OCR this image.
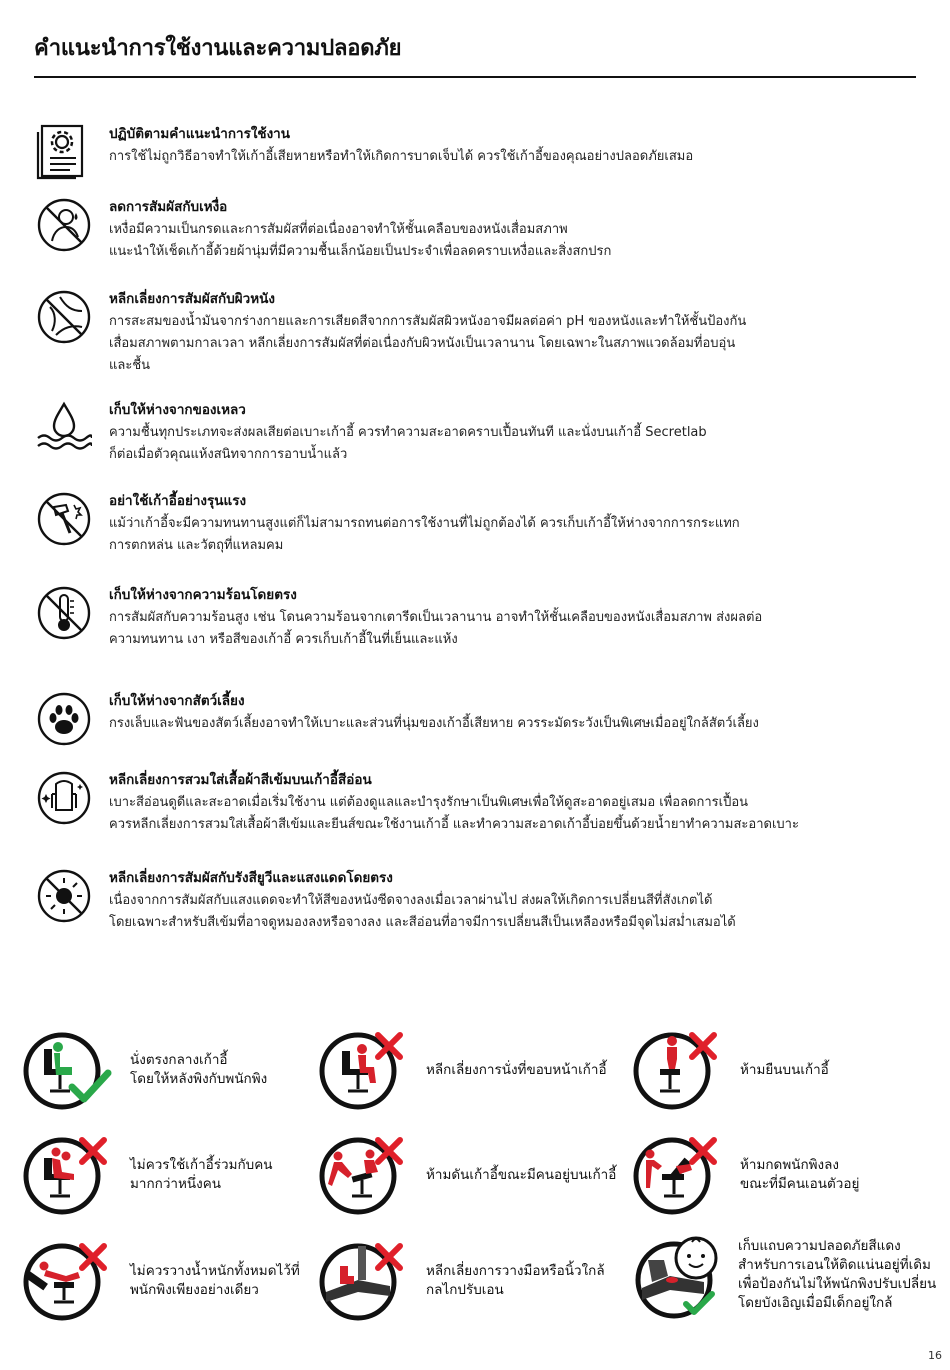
คำแนะนำการใช้งานและความปลอดภัย
ปฏิบัติตามคำแนะนำการใช้งาน

การใช้ไม่ถูกวิธีอาจทำให้เก้าอี้เสียหายหรือทำให้เกิดการบาดเจ็บได้ ควรใช้เก้าอี้ของคุณอย่างปลอดภัยเสมอ

ลดการสัมผัสกับเหงื่อ

เหงื่อมีความเป็นกรดและการสัมผัสที่ต่อเนื่องอาจทำให้ชั้นเคลือบของหนังเสื่อมสภาพ
แนะนำให้เช็ดเก้าอี้ด้วยผ้านุ่มที่มีความชื้นเล็กน้อยเป็นประจำเพื่อลดคราบเหงื่อและสิ่งสกปรก

หลีกเลี่ยงการสัมผัสกับผิวหนัง

การสะสมของน้ำมันจากร่างกายและการเสียดสีจากการสัมผัสผิวหนังอาจมีผลต่อค่า pH ของหนังและทำให้ชั้นป้องกัน
เสื่อมสภาพตามกาลเวลา หลีกเลี่ยงการสัมผัสที่ต่อเนื่องกับผิวหนังเป็นเวลานาน โดยเฉพาะในสภาพแวดล้อมที่อบอุ่น
และชื้น

เก็บให้ห่างจากของเหลว

ความชื้นทุกประเภทจะส่งผลเสียต่อเบาะเก้าอี้ ควรทำความสะอาดคราบเปื้อนทันที และนั่งบนเก้าอี้ Secretlab
ก็ต่อเมื่อตัวคุณแห้งสนิทจากการอาบน้ำแล้ว

อย่าใช้เก้าอี้อย่างรุนแรง

แม้ว่าเก้าอี้จะมีความทนทานสูงแต่ก็ไม่สามารถทนต่อการใช้งานที่ไม่ถูกต้องได้ ควรเก็บเก้าอี้ให้ห่างจากการกระแทก
การตกหล่น และวัตถุที่แหลมคม

เก็บให้ห่างจากความร้อนโดยตรง

การสัมผัสกับความร้อนสูง เช่น โดนความร้อนจากเตารีดเป็นเวลานาน อาจทำให้ชั้นเคลือบของหนังเสื่อมสภาพ ส่งผลต่อ
ความทนทาน เงา หรือสีของเก้าอี้ ควรเก็บเก้าอี้ในที่เย็นและแห้ง

เก็บให้ห่างจากสัตว์เลี้ยง

กรงเล็บและฟันของสัตว์เลี้ยงอาจทำให้เบาะและส่วนที่นุ่มของเก้าอี้เสียหาย ควรระมัดระวังเป็นพิเศษเมื่ออยู่ใกล้สัตว์เลี้ยง

หลีกเลี่ยงการสวมใส่เสื้อผ้าสีเข้มบนเก้าอี้สีอ่อน

เบาะสีอ่อนดูดีและสะอาดเมื่อเริ่มใช้งาน แต่ต้องดูแลและบำรุงรักษาเป็นพิเศษเพื่อให้ดูสะอาดอยู่เสมอ เพื่อลดการเปื้อน
ควรหลีกเลี่ยงการสวมใส่เสื้อผ้าสีเข้มและยีนส์ขณะใช้งานเก้าอี้ และทำความสะอาดเก้าอี้บ่อยขึ้นด้วยน้ำยาทำความสะอาดเบาะ

หลีกเลี่ยงการสัมผัสกับรังสียูวีและแสงแดดโดยตรง

เนื่องจากการสัมผัสกับแสงแดดจะทำให้สีของหนังซีดจางลงเมื่อเวลาผ่านไป ส่งผลให้เกิดการเปลี่ยนสีที่สังเกตได้
โดยเฉพาะสำหรับสีเข้มที่อาจดูหมองลงหรือจางลง และสีอ่อนที่อาจมีการเปลี่ยนสีเป็นเหลืองหรือมีจุดไม่สม่ำเสมอได้

นั่งตรงกลางเก้าอี้
โดยให้หลังพิงกับพนักพิง
หลีกเลี่ยงการนั่งที่ขอบหน้าเก้าอี้	ห้ามยืนบนเก้าอี้
ไม่ควรใช้เก้าอี้ร่วมกับคน
มากกว่าหนึ่งคน
ห้ามดันเก้าอี้ขณะมีคนอยู่บนเก้าอี้
ห้ามกดพนักพิงลง
ขณะที่มีคนเอนตัวอยู่
ไม่ควรวางน้ำหนักทั้งหมดไว้ที่
พนักพิงเพียงอย่างเดียว
หลีกเลี่ยงการวางมือหรือนิ้วใกล้
กลไกปรับเอน
เก็บแถบความปลอดภัยสีแดง
สำหรับการเอนให้ติดแน่นอยู่ที่เดิม
เพื่อป้องกันไม่ให้พนักพิงปรับเปลี่ยน
โดยบังเอิญเมื่อมีเด็กอยู่ใกล้
16
